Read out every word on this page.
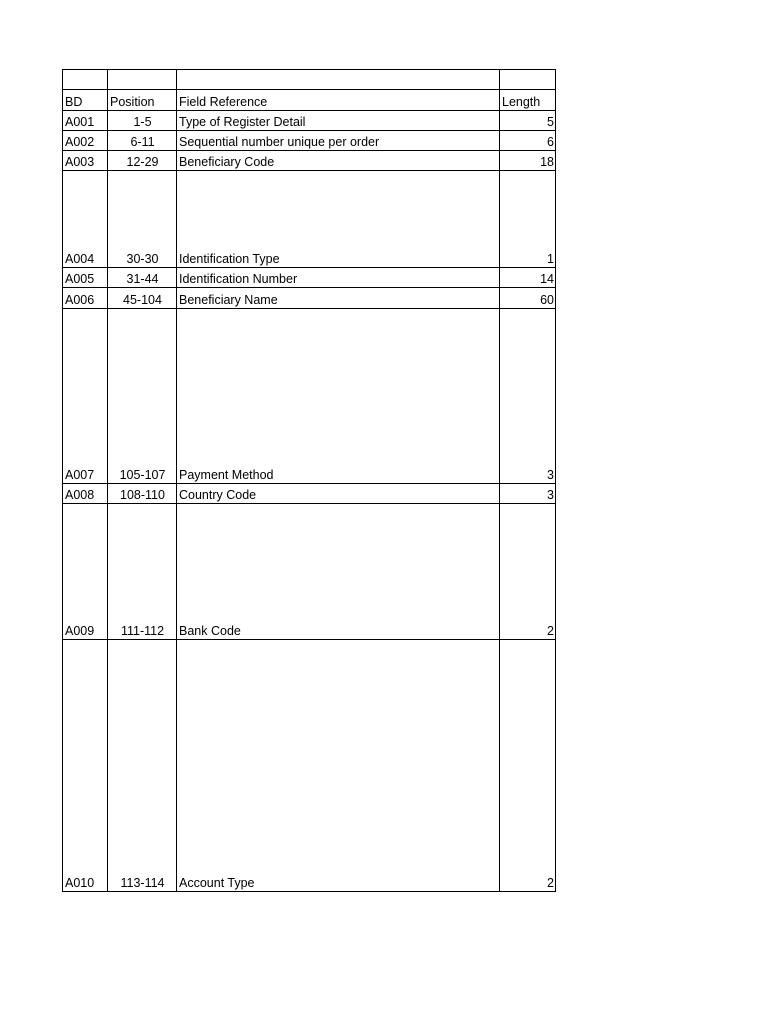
BD	Position	Field Reference	Length
A001	1-5	Type of Register Detail	5
A002	6-11	Sequential number unique per order	6
A003	12-29	Beneficiary Code	18
A004	30-30	Identification Type	1
A005	31-44	Identification Number	14
A006	45-104	Beneficiary Name	60
A007	105-107	Payment Method	3
A008	108-110	Country Code	3
A009	111-112	Bank Code	2
A010	113-114	Account Type	2
